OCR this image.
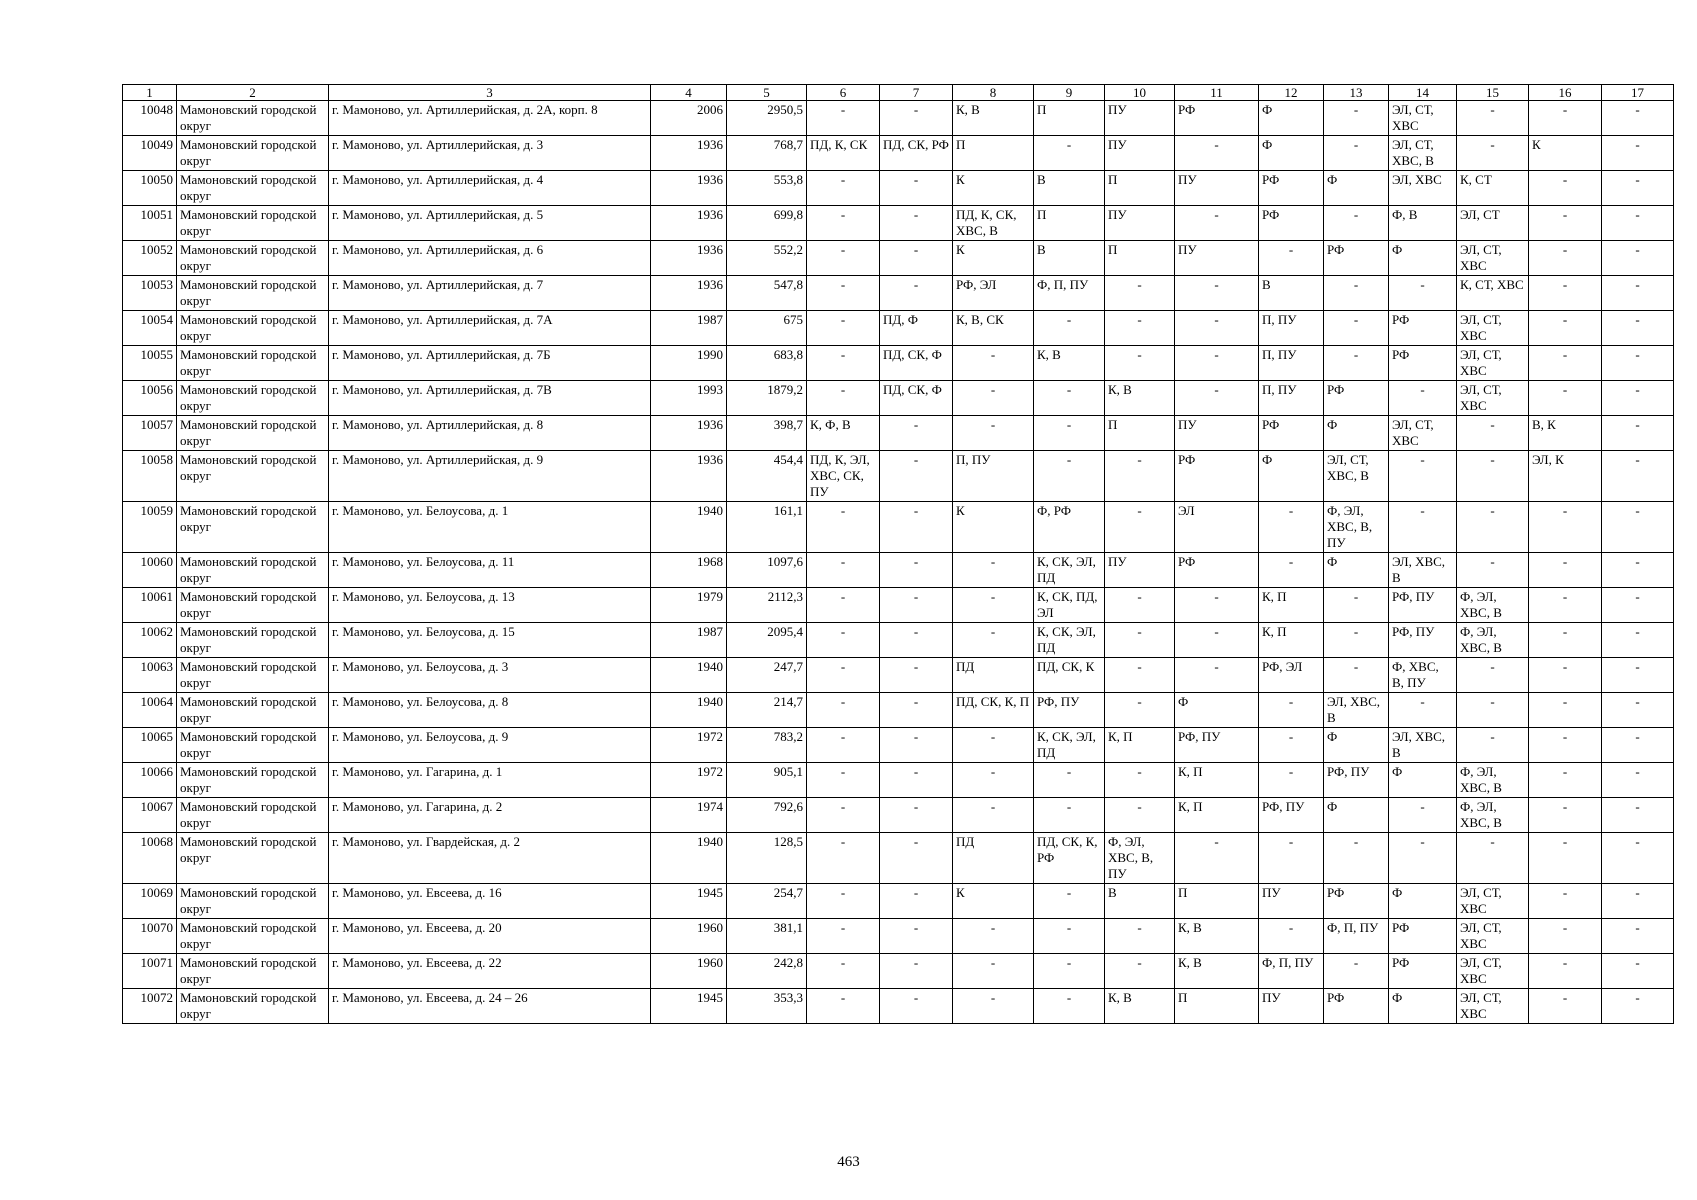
1	2	3	4	5	6	7	8	9	10	11	12	13	14	15	16	17
10048	Мамоновский городской округ	г. Мамоново, ул. Артиллерийская, д. 2А, корп. 8	2006	2950,5	-	-	К, В	П	ПУ	РФ	Ф	-	ЭЛ, СТ, ХВС	-	-	-
10049	Мамоновский городской округ	г. Мамоново, ул. Артиллерийская, д. 3	1936	768,7	ПД, К, СК	ПД, СК, РФ	П	-	ПУ	-	Ф	-	ЭЛ, СТ, ХВС, В	-	К	-
10050	Мамоновский городской округ	г. Мамоново, ул. Артиллерийская, д. 4	1936	553,8	-	-	К	В	П	ПУ	РФ	Ф	ЭЛ, ХВС	К, СТ	-	-
10051	Мамоновский городской округ	г. Мамоново, ул. Артиллерийская, д. 5	1936	699,8	-	-	ПД, К, СК, ХВС, В	П	ПУ	-	РФ	-	Ф, В	ЭЛ, СТ	-	-
10052	Мамоновский городской округ	г. Мамоново, ул. Артиллерийская, д. 6	1936	552,2	-	-	К	В	П	ПУ	-	РФ	Ф	ЭЛ, СТ, ХВС	-	-
10053	Мамоновский городской округ	г. Мамоново, ул. Артиллерийская, д. 7	1936	547,8	-	-	РФ, ЭЛ	Ф, П, ПУ	-	-	В	-	-	К, СТ, ХВС	-	-
10054	Мамоновский городской округ	г. Мамоново, ул. Артиллерийская, д. 7А	1987	675	-	ПД, Ф	К, В, СК	-	-	-	П, ПУ	-	РФ	ЭЛ, СТ, ХВС	-	-
10055	Мамоновский городской округ	г. Мамоново, ул. Артиллерийская, д. 7Б	1990	683,8	-	ПД, СК, Ф	-	К, В	-	-	П, ПУ	-	РФ	ЭЛ, СТ, ХВС	-	-
10056	Мамоновский городской округ	г. Мамоново, ул. Артиллерийская, д. 7В	1993	1879,2	-	ПД, СК, Ф	-	-	К, В	-	П, ПУ	РФ	-	ЭЛ, СТ, ХВС	-	-
10057	Мамоновский городской округ	г. Мамоново, ул. Артиллерийская, д. 8	1936	398,7	К, Ф, В	-	-	-	П	ПУ	РФ	Ф	ЭЛ, СТ, ХВС	-	В, К	-
10058	Мамоновский городской округ	г. Мамоново, ул. Артиллерийская, д. 9	1936	454,4	ПД, К, ЭЛ, ХВС, СК, ПУ	-	П, ПУ	-	-	РФ	Ф	ЭЛ, СТ, ХВС, В	-	-	ЭЛ, К	-
10059	Мамоновский городской округ	г. Мамоново, ул. Белоусова, д. 1	1940	161,1	-	-	К	Ф, РФ	-	ЭЛ	-	Ф, ЭЛ, ХВС, В, ПУ	-	-	-	-
10060	Мамоновский городской округ	г. Мамоново, ул. Белоусова, д. 11	1968	1097,6	-	-	-	К, СК, ЭЛ, ПД	ПУ	РФ	-	Ф	ЭЛ, ХВС, В	-	-	-
10061	Мамоновский городской округ	г. Мамоново, ул. Белоусова, д. 13	1979	2112,3	-	-	-	К, СК, ПД, ЭЛ	-	-	К, П	-	РФ, ПУ	Ф, ЭЛ, ХВС, В	-	-
10062	Мамоновский городской округ	г. Мамоново, ул. Белоусова, д. 15	1987	2095,4	-	-	-	К, СК, ЭЛ, ПД	-	-	К, П	-	РФ, ПУ	Ф, ЭЛ, ХВС, В	-	-
10063	Мамоновский городской округ	г. Мамоново, ул. Белоусова, д. 3	1940	247,7	-	-	ПД	ПД, СК, К	-	-	РФ, ЭЛ	-	Ф, ХВС, В, ПУ	-	-	-
10064	Мамоновский городской округ	г. Мамоново, ул. Белоусова, д. 8	1940	214,7	-	-	ПД, СК, К, П	РФ, ПУ	-	Ф	-	ЭЛ, ХВС, В	-	-	-	-
10065	Мамоновский городской округ	г. Мамоново, ул. Белоусова, д. 9	1972	783,2	-	-	-	К, СК, ЭЛ, ПД	К, П	РФ, ПУ	-	Ф	ЭЛ, ХВС, В	-	-	-
10066	Мамоновский городской округ	г. Мамоново, ул. Гагарина, д. 1	1972	905,1	-	-	-	-	-	К, П	-	РФ, ПУ	Ф	Ф, ЭЛ, ХВС, В	-	-
10067	Мамоновский городской округ	г. Мамоново, ул. Гагарина, д. 2	1974	792,6	-	-	-	-	-	К, П	РФ, ПУ	Ф	-	Ф, ЭЛ, ХВС, В	-	-
10068	Мамоновский городской округ	г. Мамоново, ул. Гвардейская, д. 2	1940	128,5	-	-	ПД	ПД, СК, К, РФ	Ф, ЭЛ, ХВС, В, ПУ	-	-	-	-	-	-	-
10069	Мамоновский городской округ	г. Мамоново, ул. Евсеева, д. 16	1945	254,7	-	-	К	-	В	П	ПУ	РФ	Ф	ЭЛ, СТ, ХВС	-	-
10070	Мамоновский городской округ	г. Мамоново, ул. Евсеева, д. 20	1960	381,1	-	-	-	-	-	К, В	-	Ф, П, ПУ	РФ	ЭЛ, СТ, ХВС	-	-
10071	Мамоновский городской округ	г. Мамоново, ул. Евсеева, д. 22	1960	242,8	-	-	-	-	-	К, В	Ф, П, ПУ	-	РФ	ЭЛ, СТ, ХВС	-	-
10072	Мамоновский городской округ	г. Мамоново, ул. Евсеева, д. 24 – 26	1945	353,3	-	-	-	-	К, В	П	ПУ	РФ	Ф	ЭЛ, СТ, ХВС	-	-
463
